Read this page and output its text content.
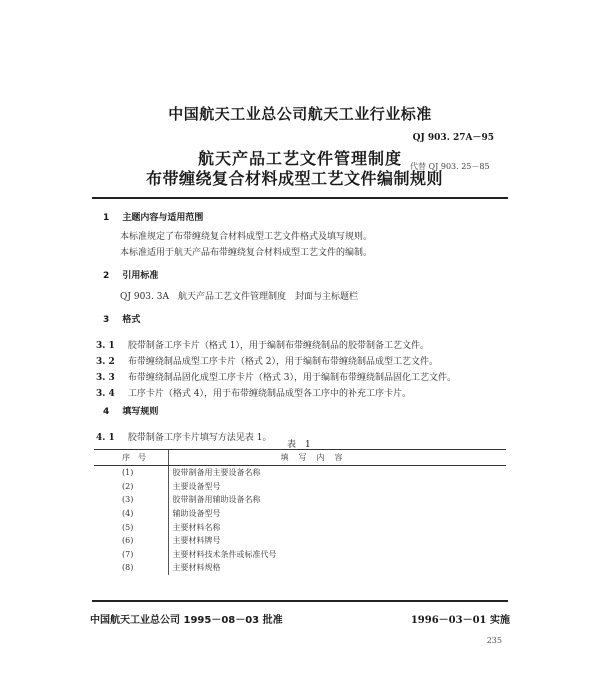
中国航天工业总公司航天工业行业标准
QJ 903. 27A－95
航天产品工艺文件管理制度
布带缠绕复合材料成型工艺文件编制规则
代替 QJ 903. 25－85
1 主题内容与适用范围
本标准规定了布带缠绕复合材料成型工艺文件格式及填写规则。
本标准适用于航天产品布带缠绕复合材料成型工艺文件的编制。
2 引用标准
QJ 903. 3A　航天产品工艺文件管理制度　封面与主标题栏
3 格式
3. 1 胶带制备工序卡片（格式 1），用于编制布带缠绕制品的胶带制备工艺文件。
3. 2 布带缠绕制品成型工序卡片（格式 2），用于编制布带缠绕制品成型工艺文件。
3. 3 布带缠绕制品固化成型工序卡片（格式 3），用于编制布带缠绕制品固化工艺文件。
3. 4 工序卡片（格式 4），用于布带缠绕制品成型各工序中的补充工序卡片。
4 填写规则
4. 1 胶带制备工序卡片填写方法见表 1。
表　1
序　号	填写内容
(1)	胶带制备用主要设备名称
(2)	主要设备型号
(3)	胶带制备用辅助设备名称
(4)	辅助设备型号
(5)	主要材料名称
(6)	主要材料牌号
(7)	主要材料技术条件或标准代号
(8)	主要材料规格
中国航天工业总公司 1995－08－03 批准	1996－03－01 实施
235
